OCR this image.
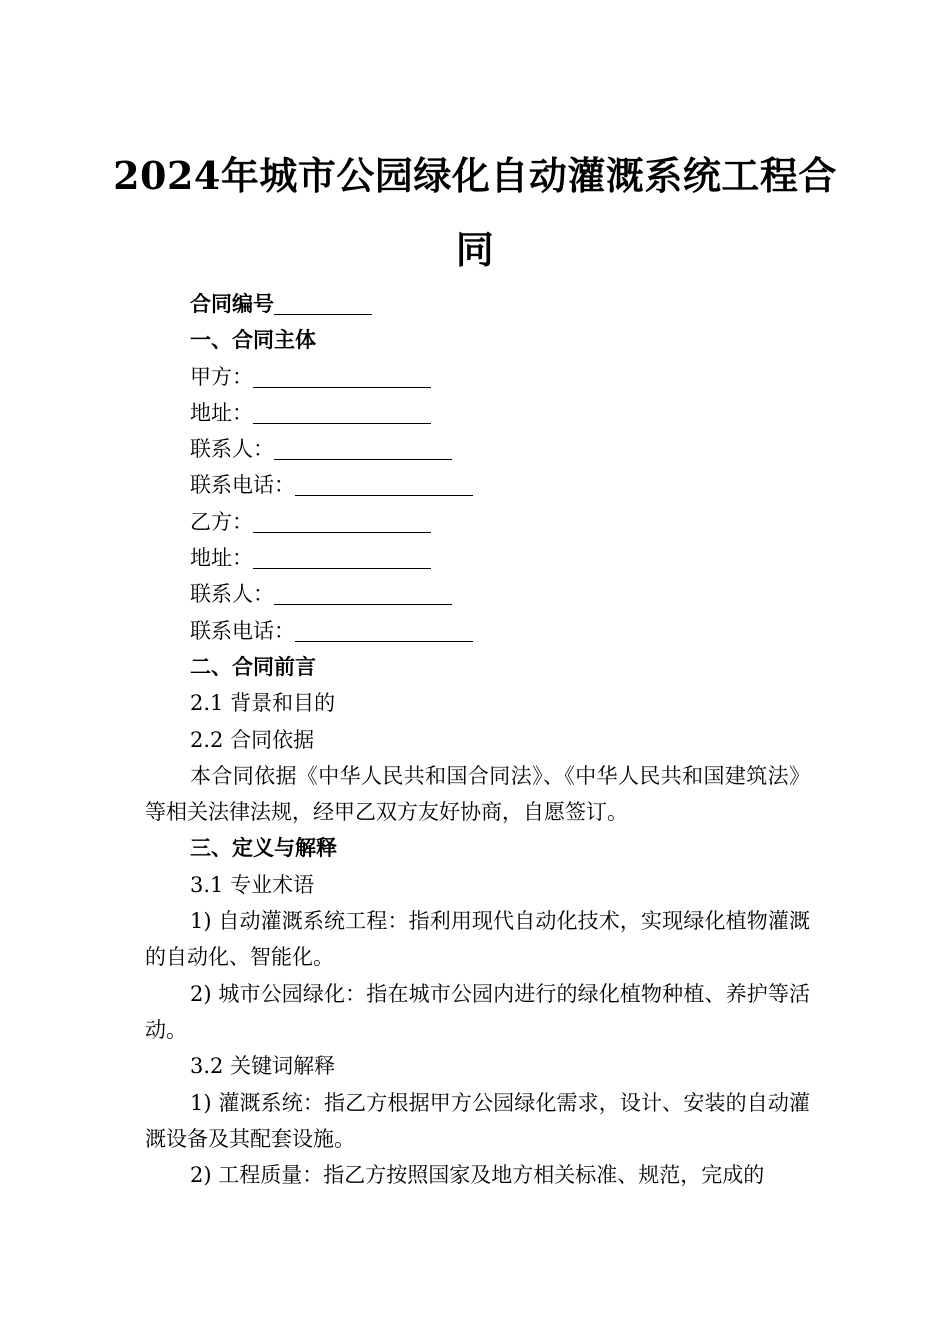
2024年城市公园绿化自动灌溉系统工程合
同
合同编号
一、合同主体
甲方：
地址：
联系人：
联系电话：
乙方：
地址：
联系人：
联系电话：
二、合同前言
2.1 背景和目的
2.2 合同依据
本合同依据《中华人民共和国合同法》、《中华人民共和国建筑法》等相关法律法规，经甲乙双方友好协商，自愿签订。
三、定义与解释
3.1 专业术语
1) 自动灌溉系统工程：指利用现代自动化技术，实现绿化植物灌溉的自动化、智能化。
2) 城市公园绿化：指在城市公园内进行的绿化植物种植、养护等活动。
3.2 关键词解释
1) 灌溉系统：指乙方根据甲方公园绿化需求，设计、安装的自动灌溉设备及其配套设施。
2) 工程质量：指乙方按照国家及地方相关标准、规范，完成的
